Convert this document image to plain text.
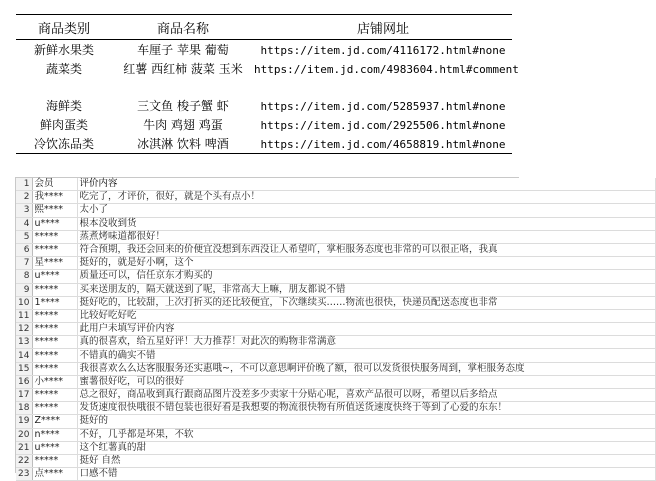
商品类别	商品名称	店铺网址
新鲜水果类	车厘子 苹果 葡萄	https://item.jd.com/4116172.html#none
蔬菜类	红薯 西红柿 菠菜 玉米	https://item.jd.com/4983604.html#comment
海鲜类	三文鱼 梭子蟹 虾	https://item.jd.com/5285937.html#none
鲜肉蛋类	牛肉 鸡翅 鸡蛋	https://item.jd.com/2925506.html#none
冷饮冻品类	冰淇淋 饮料 啤酒	https://item.jd.com/4658819.html#none
1	会员	评价内容
2	我****	吃完了，才评价，很好，就是个头有点小！
3	熙****	太小了
4	u****	根本没收到货
5	*****	蒸煮烤味道都很好！
6	*****	符合预期，我还会回来的价便宜没想到东西没让人希望吖，掌柜服务态度也非常的可以很正咯，我真
7	星****	挺好的，就是好小啊，这个
8	u****	质量还可以，信任京东才购买的
9	*****	买来送朋友的，隔天就送到了呢，非常高大上嘛，朋友都说不错
10	1****	挺好吃的，比较甜，上次打折买的还比较便宜，下次继续买……物流也很快，快递员配送态度也非常
11	*****	比较好吃好吃
12	*****	此用户未填写评价内容
13	*****	真的很喜欢，给五星好评！大力推荐！对此次的购物非常满意
14	*****	不错真的确实不错
15	*****	我很喜欢么么达客服服务还实惠哦~，不可以意思啊评价晚了额，很可以发货很快服务周到，掌柜服务态度
16	小****	蜜薯很好吃，可以的很好
17	*****	总之很好，商品收到真行跟商品图片没差多少卖家十分贴心呢，喜欢产品很可以呀，希望以后多给点
18	*****	发货速度很快哦很不错包装也很好看是我想要的物流很快物有所值送货速度快终于等到了心爱的东东！
19	Z****	挺好的
20	n****	不好，几乎都是坏果，不软
21	u****	这个红薯真的甜
22	*****	挺好 自然
23	点****	口感不错
